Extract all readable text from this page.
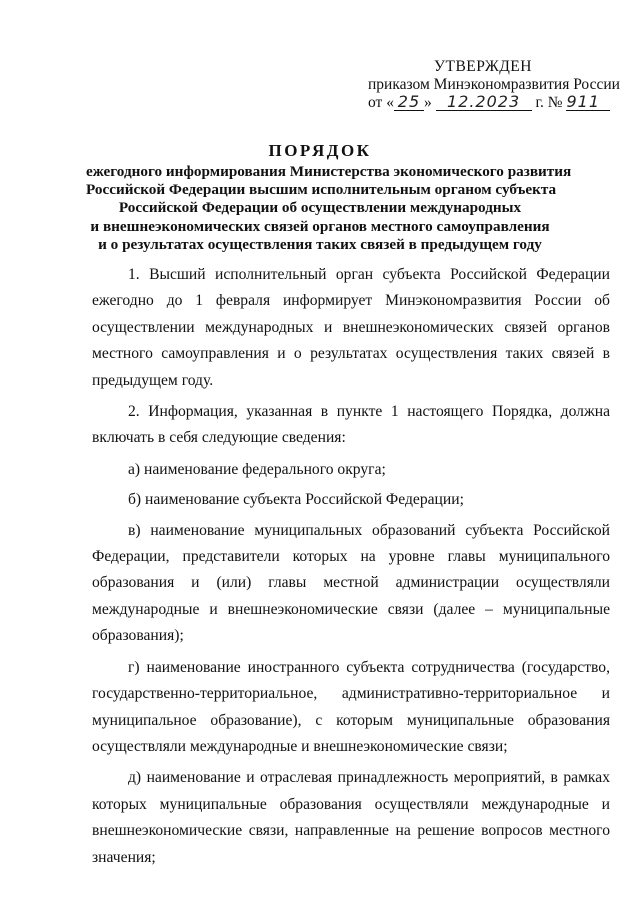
УТВЕРЖДЕН
приказом Минэкономразвития России
от « 25 » 12.2023 г. № 911
ПОРЯДОК
ежегодного информирования Министерства экономического развития
Российской Федерации высшим исполнительным органом субъекта
Российской Федерации об осуществлении международных
и внешнеэкономических связей органов местного самоуправления
и о результатах осуществления таких связей в предыдущем году

1. Высший исполнительный орган субъекта Российской Федерации ежегодно до 1 февраля информирует Минэкономразвития России об осуществлении международных и внешнеэкономических связей органов местного самоуправления и о результатах осуществления таких связей в предыдущем году.

2. Информация, указанная в пункте 1 настоящего Порядка, должна включать в себя следующие сведения:

а) наименование федерального округа;

б) наименование субъекта Российской Федерации;

в) наименование муниципальных образований субъекта Российской Федерации, представители которых на уровне главы муниципального образования и (или) главы местной администрации осуществляли международные и внешнеэкономические связи (далее – муниципальные образования);

г) наименование иностранного субъекта сотрудничества (государство, государственно-территориальное, административно-территориальное и муниципальное образование), с которым муниципальные образования осуществляли международные и внешнеэкономические связи;

д) наименование и отраслевая принадлежность мероприятий, в рамках которых муниципальные образования осуществляли международные и внешнеэкономические связи, направленные на решение вопросов местного значения;
